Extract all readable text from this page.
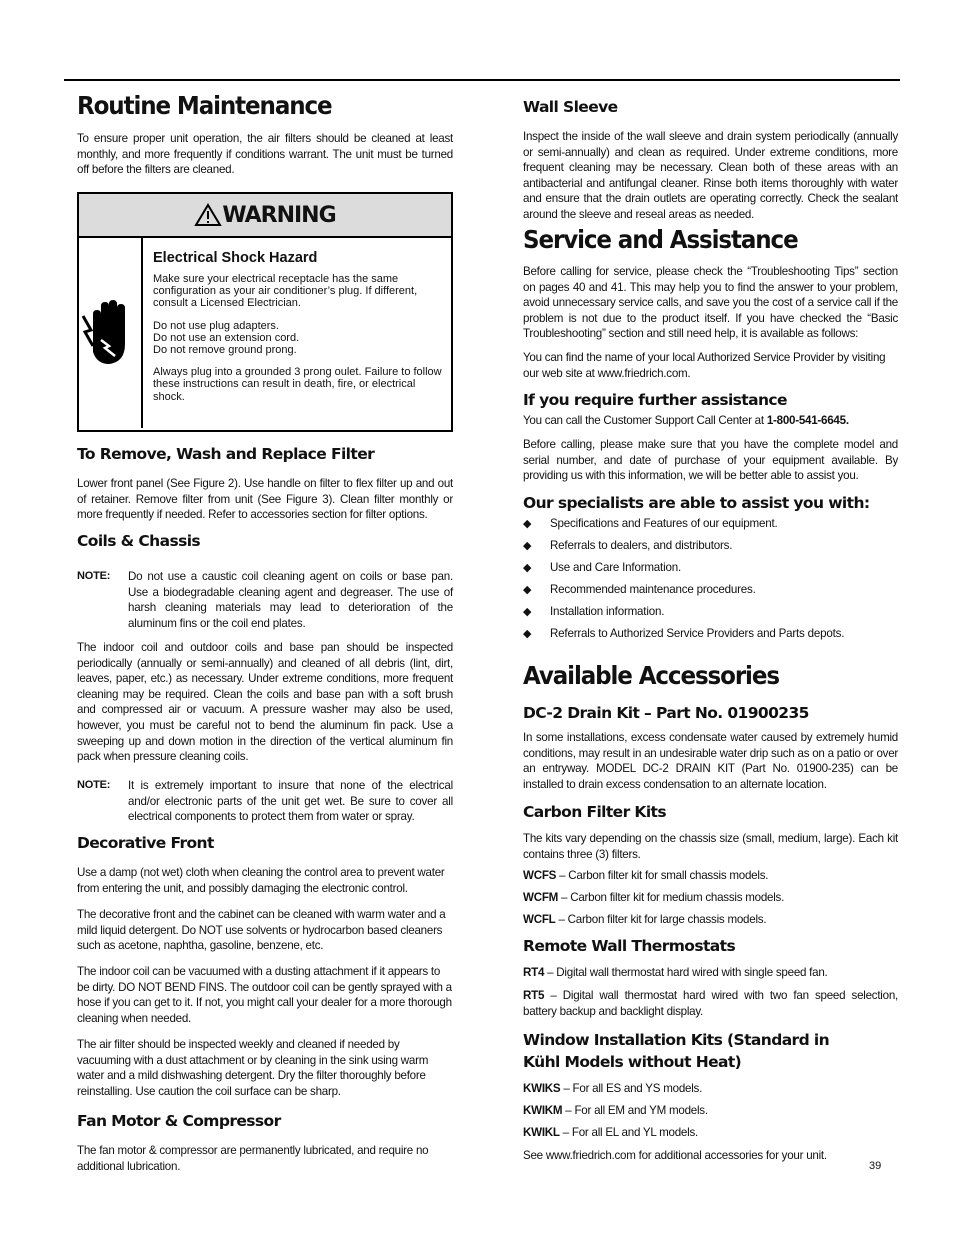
Routine Maintenance

To ensure proper unit operation, the air filters should be cleaned at least monthly, and more frequently if conditions warrant. The unit must be turned off before the filters are cleaned.

WARNING
Electrical Shock Hazard
Make sure your electrical receptacle has the same configuration as your air conditioner’s plug. If different, consult a Licensed Electrician.
Do not use plug adapters.
Do not use an extension cord.
Do not remove ground prong.
Always plug into a grounded 3 prong oulet. Failure to follow these instructions can result in death, fire, or electrical shock.
To Remove, Wash and Replace Filter

Lower front panel (See Figure 2). Use handle on filter to flex filter up and out of retainer. Remove filter from unit (See Figure 3). Clean filter monthly or more frequently if needed. Refer to accessories section for filter options.

Coils & Chassis
NOTE:	Do not use a caustic coil cleaning agent on coils or base pan. Use a biodegradable cleaning agent and degreaser. The use of harsh cleaning materials may lead to deterioration of the aluminum fins or the coil end plates.

The indoor coil and outdoor coils and base pan should be inspected periodically (annually or semi-annually) and cleaned of all debris (lint, dirt, leaves, paper, etc.) as necessary. Under extreme conditions, more frequent cleaning may be required. Clean the coils and base pan with a soft brush and compressed air or vacuum. A pressure washer may also be used, however, you must be careful not to bend the aluminum fin pack. Use a sweeping up and down motion in the direction of the vertical aluminum fin pack when pressure cleaning coils.

NOTE:	It is extremely important to insure that none of the electrical and/or electronic parts of the unit get wet. Be sure to cover all electrical components to protect them from water or spray.
Decorative Front

Use a damp (not wet) cloth when cleaning the control area to prevent water from entering the unit, and possibly damaging the electronic control.

The decorative front and the cabinet can be cleaned with warm water and a mild liquid detergent. Do NOT use solvents or hydrocarbon based cleaners such as acetone, naphtha, gasoline, benzene, etc.

The indoor coil can be vacuumed with a dusting attachment if it appears to be dirty. DO NOT BEND FINS. The outdoor coil can be gently sprayed with a hose if you can get to it. If not, you might call your dealer for a more thorough cleaning when needed.

The air filter should be inspected weekly and cleaned if needed by vacuuming with a dust attachment or by cleaning in the sink using warm water and a mild dishwashing detergent. Dry the filter thoroughly before reinstalling. Use caution the coil surface can be sharp.

Fan Motor & Compressor

The fan motor & compressor are permanently lubricated, and require no additional lubrication.

Wall Sleeve

Inspect the inside of the wall sleeve and drain system periodically (annually or semi-annually) and clean as required. Under extreme conditions, more frequent cleaning may be necessary. Clean both of these areas with an antibacterial and antifungal cleaner. Rinse both items thoroughly with water and ensure that the drain outlets are operating correctly. Check the sealant around the sleeve and reseal areas as needed.

Service and Assistance

Before calling for service, please check the “Troubleshooting Tips” section on pages 40 and 41. This may help you to find the answer to your problem, avoid unnecessary service calls, and save you the cost of a service call if the problem is not due to the product itself. If you have checked the “Basic Troubleshooting” section and still need help, it is available as follows:

You can find the name of your local Authorized Service Provider by visiting our web site at www.friedrich.com.

If you require further assistance

You can call the Customer Support Call Center at 1-800-541-6645.

Before calling, please make sure that you have the complete model and serial number, and date of purchase of your equipment available. By providing us with this information, we will be better able to assist you.

Our specialists are able to assist you with:
◆	Specifications and Features of our equipment.
◆	Referrals to dealers, and distributors.
◆	Use and Care Information.
◆	Recommended maintenance procedures.
◆	Installation information.
◆	Referrals to Authorized Service Providers and Parts depots.
Available Accessories
DC-2 Drain Kit – Part No. 01900235

In some installations, excess condensate water caused by extremely humid conditions, may result in an undesirable water drip such as on a patio or over an entryway. MODEL DC-2 DRAIN KIT (Part No. 01900-235) can be installed to drain excess condensation to an alternate location.

Carbon Filter Kits

The kits vary depending on the chassis size (small, medium, large). Each kit contains three (3) filters.

WCFS – Carbon filter kit for small chassis models.

WCFM – Carbon filter kit for medium chassis models.

WCFL – Carbon filter kit for large chassis models.

Remote Wall Thermostats

RT4 – Digital wall thermostat hard wired with single speed fan.

RT5 – Digital wall thermostat hard wired with two fan speed selection, battery backup and backlight display.

Window Installation Kits (Standard in Kühl Models without Heat)

KWIKS – For all ES and YS models.

KWIKM – For all EM and YM models.

KWIKL – For all EL and YL models.

See www.friedrich.com for additional accessories for your unit.

39
